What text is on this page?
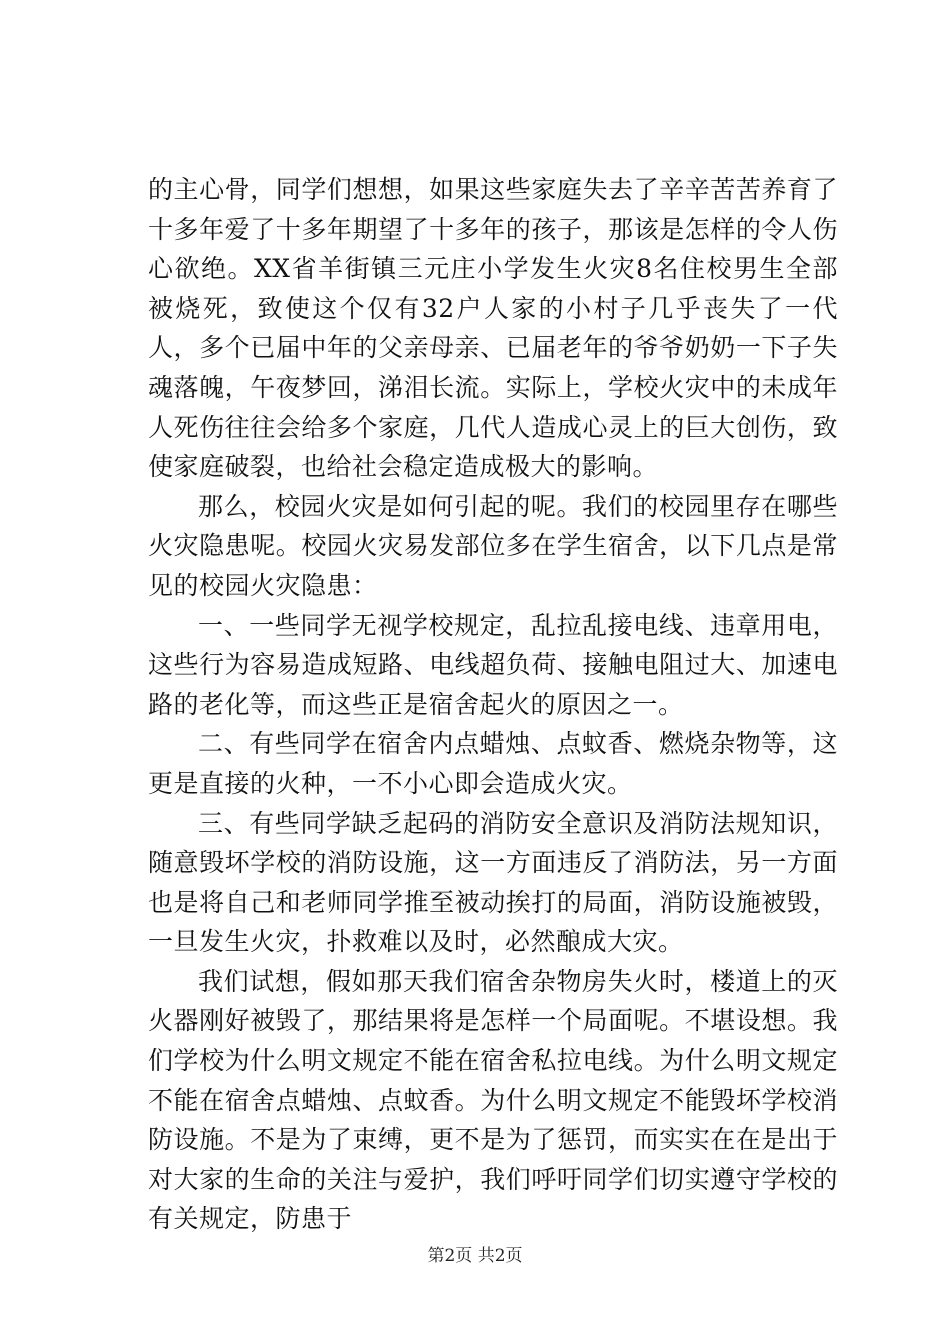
的主心骨，同学们想想，如果这些家庭失去了辛辛苦苦养育了十多年爱了十多年期望了十多年的孩子，那该是怎样的令人伤心欲绝。XX省羊街镇三元庄小学发生火灾8名住校男生全部被烧死，致使这个仅有32户人家的小村子几乎丧失了一代人，多个已届中年的父亲母亲、已届老年的爷爷奶奶一下子失魂落魄，午夜梦回，涕泪长流。实际上，学校火灾中的未成年人死伤往往会给多个家庭，几代人造成心灵上的巨大创伤，致使家庭破裂，也给社会稳定造成极大的影响。

那么，校园火灾是如何引起的呢。我们的校园里存在哪些火灾隐患呢。校园火灾易发部位多在学生宿舍，以下几点是常见的校园火灾隐患：

一、一些同学无视学校规定，乱拉乱接电线、违章用电，这些行为容易造成短路、电线超负荷、接触电阻过大、加速电路的老化等，而这些正是宿舍起火的原因之一。

二、有些同学在宿舍内点蜡烛、点蚊香、燃烧杂物等，这更是直接的火种，一不小心即会造成火灾。

三、有些同学缺乏起码的消防安全意识及消防法规知识，随意毁坏学校的消防设施，这一方面违反了消防法，另一方面也是将自己和老师同学推至被动挨打的局面，消防设施被毁，一旦发生火灾，扑救难以及时，必然酿成大灾。

我们试想，假如那天我们宿舍杂物房失火时，楼道上的灭火器刚好被毁了，那结果将是怎样一个局面呢。不堪设想。我们学校为什么明文规定不能在宿舍私拉电线。为什么明文规定不能在宿舍点蜡烛、点蚊香。为什么明文规定不能毁坏学校消防设施。不是为了束缚，更不是为了惩罚，而实实在在是出于对大家的生命的关注与爱护，我们呼吁同学们切实遵守学校的有关规定，防患于

第2页 共2页
